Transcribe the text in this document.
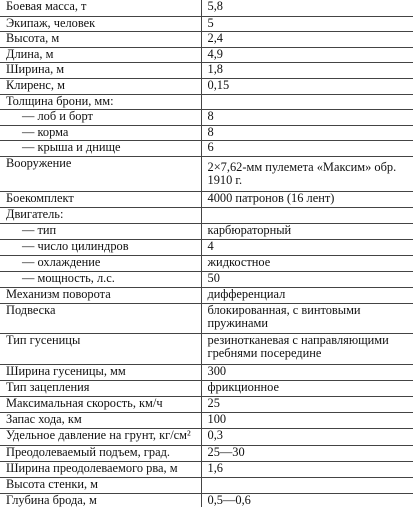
Боевая масса, т	5,8
Экипаж, человек	5
Высота, м	2,4
Длина, м	4,9
Ширина, м	1,8
Клиренс, м	0,15
Толщина брони, мм:	
— лоб и борт	8
— корма	8
— крыша и днище	6
Вооружение	2×7,62-мм пулемета «Максим» обр. 1910 г.
Боекомплект	4000 патронов (16 лент)
Двигатель:	
— тип	карбюраторный
— число цилиндров	4
— охлаждение	жидкостное
— мощность, л.с.	50
Механизм поворота	дифференциал
Подвеска	блокированная, с винтовыми пружинами
Тип гусеницы	резинотканевая с направляющими гребнями посередине
Ширина гусеницы, мм	300
Тип зацепления	фрикционное
Максимальная скорость, км/ч	25
Запас хода, км	100
Удельное давление на грунт, кг/см²	0,3
Преодолеваемый подъем, град.	25—30
Ширина преодолеваемого рва, м	1,6
Высота стенки, м	
Глубина брода, м	0,5—0,6
